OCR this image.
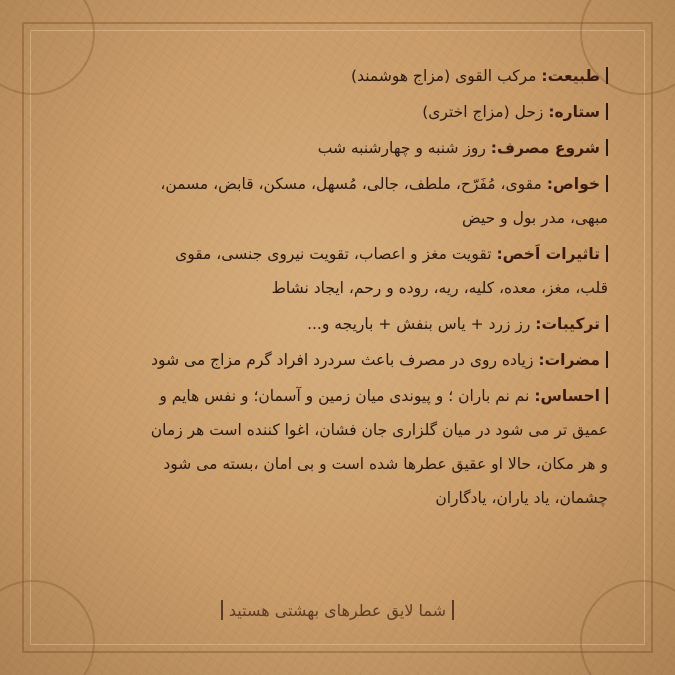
طبیعت: مرکب القوی (مزاج هوشمند)

ستاره: زحل (مزاج اختری)

شروع مصرف: روز شنبه و چهارشنبه شب

خواص: مقوی، مُفَرّح، ملطف، جالی، مُسهل، مسکن، قابض، مسمن،

مبهی، مدر بول و حیض

تاثیرات اَخص: تقویت مغز و اعصاب، تقویت نیروی جنسی، مقوی

قلب، مغز، معده، کلیه، ریه، روده و رحم، ایجاد نشاط

ترکیبات: رز زرد + یاس بنفش + باریجه و...

مضرات: زیاده روی در مصرف باعث سردرد افراد گرم مزاج می شود

احساس: نم نم باران ؛ و پیوندی میان زمین و آسمان؛ و نفس هایم و

عمیق تر می شود در میان گلزاری جان فشان، اغوا کننده است هر زمان

و هر مکان، حالا او عقیق عطرها شده است و بی امان ،بسته می شود

چشمان، یاد یاران، یادگاران

شما لایق عطرهای بهشتی هستید
